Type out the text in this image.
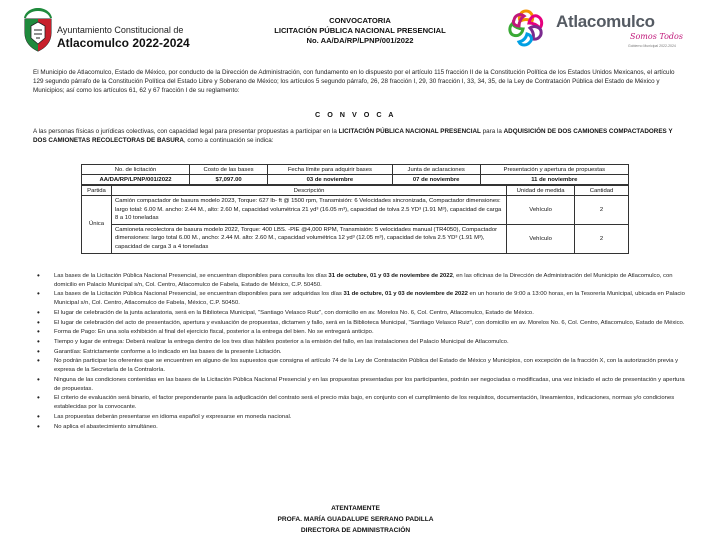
Ayuntamiento Constitucional de
Atlacomulco 2022-2024
CONVOCATORIA
LICITACIÓN PÚBLICA NACIONAL PRESENCIAL
No. AA/DA/RP/LPNP/001/2022
Atlacomulco
Somos Todos
Gobierno Municipal 2022-2024
El Municipio de Atlacomulco, Estado de México, por conducto de la Dirección de Administración, con fundamento en lo dispuesto por el artículo 115 fracción II de la Constitución Política de los Estados Unidos Mexicanos, el artículo 129 segundo párrafo de la Constitución Política del Estado Libre y Soberano de México; los artículos 5 segundo párrafo, 26, 28 fracción I, 29, 30 fracción I, 33, 34, 35, de la Ley de Contratación Pública del Estado de México y Municipios; así como los artículos 61, 62 y 67 fracción I de su reglamento:
C O N V O C A
A las personas físicas o jurídicas colectivas, con capacidad legal para presentar propuestas a participar en la LICITACIÓN PÚBLICA NACIONAL PRESENCIAL para la ADQUISICIÓN DE DOS CAMIONES COMPACTADORES Y DOS CAMIONETAS RECOLECTORAS DE BASURA, como a continuación se indica:
No. de licitación	Costo de las bases	Fecha límite para adquirir bases	Junta de aclaraciones	Presentación y apertura de propuestas
AA/DA/RP/LPNP/001/2022	$7,097.00	03 de noviembre	07 de noviembre	11 de noviembre
Partida	Descripción	Unidad de medida	Cantidad
Única	Camión compactador de basura modelo 2023, Torque: 627 lb- ft @ 1500 rpm, Transmisión: 6 Velocidades sincronizada, Compactador dimensiones: largo total: 6.00 M. ancho: 2.44 M., alto: 2.60 M, capacidad volumétrica 21 yd³ (16.05 m³), capacidad de tolva 2.5 YD³ (1.91 M³), capacidad de carga 8 a 10 toneladas	Vehículo	2
	Camioneta recolectora de basura modelo 2022, Torque: 400 LBS. -PIE @4,000 RPM, Transmisión: 5 velocidades manual (TR4050), Compactador dimensiones: largo total 6.00 M., ancho: 2.44 M. alto: 2.60 M., capacidad volumétrica 12 yd³ (12.05 m³), capacidad de tolva 2.5 YD³ (1.91 M³), capacidad de carga 3 a 4 toneladas	Vehículo	2
• Las bases de la Licitación Pública Nacional Presencial, se encuentran disponibles para consulta los días 31 de octubre, 01 y 03 de noviembre de 2022, en las oficinas de la Dirección de Administración del Municipio de Atlacomulco, con domicilio en Palacio Municipal s/n, Col. Centro, Atlacomulco de Fabela, Estado de México, C.P. 50450.
• Las bases de la Licitación Pública Nacional Presencial, se encuentran disponibles para ser adquiridas los días 31 de octubre, 01 y 03 de noviembre de 2022 en un horario de 9:00 a 13:00 horas, en la Tesorería Municipal, ubicada en Palacio Municipal s/n, Col. Centro, Atlacomulco de Fabela, México, C.P. 50450.
• El lugar de celebración de la junta aclaratoria, será en la Biblioteca Municipal, "Santiago Velasco Ruiz", con domicilio en av. Morelos No. 6, Col. Centro, Atlacomulco, Estado de México.
• El lugar de celebración del acto de presentación, apertura y evaluación de propuestas, dictamen y fallo, será en la Biblioteca Municipal, "Santiago Velasco Ruiz", con domicilio en av. Morelos No. 6, Col. Centro, Atlacomulco, Estado de México.
• Forma de Pago: En una sola exhibición al final del ejercicio fiscal, posterior a la entrega del bien. No se entregará anticipo.
• Tiempo y lugar de entrega: Deberá realizar la entrega dentro de los tres días hábiles posterior a la emisión del fallo, en las instalaciones del Palacio Municipal de Atlacomulco.
• Garantías: Estrictamente conforme a lo indicado en las bases de la presente Licitación.
• No podrán participar los oferentes que se encuentren en alguno de los supuestos que consigna el artículo 74 de la Ley de Contratación Pública del Estado de México y Municipios, con excepción de la fracción X, con la autorización previa y expresa de la Secretaría de la Contraloría.
• Ninguna de las condiciones contenidas en las bases de la Licitación Pública Nacional Presencial y en las propuestas presentadas por los participantes, podrán ser negociadas o modificadas, una vez iniciado el acto de presentación y apertura de propuestas.
• El criterio de evaluación será binario, el factor preponderante para la adjudicación del contrato será el precio más bajo, en conjunto con el cumplimiento de los requisitos, documentación, lineamientos, indicaciones, normas y/o condiciones establecidas por la convocante.
• Las propuestas deberán presentarse en idioma español y expresarse en moneda nacional.
• No aplica el abastecimiento simultáneo.
ATENTAMENTE
PROFA. MARÍA GUADALUPE SERRANO PADILLA
DIRECTORA DE ADMINISTRACIÓN
